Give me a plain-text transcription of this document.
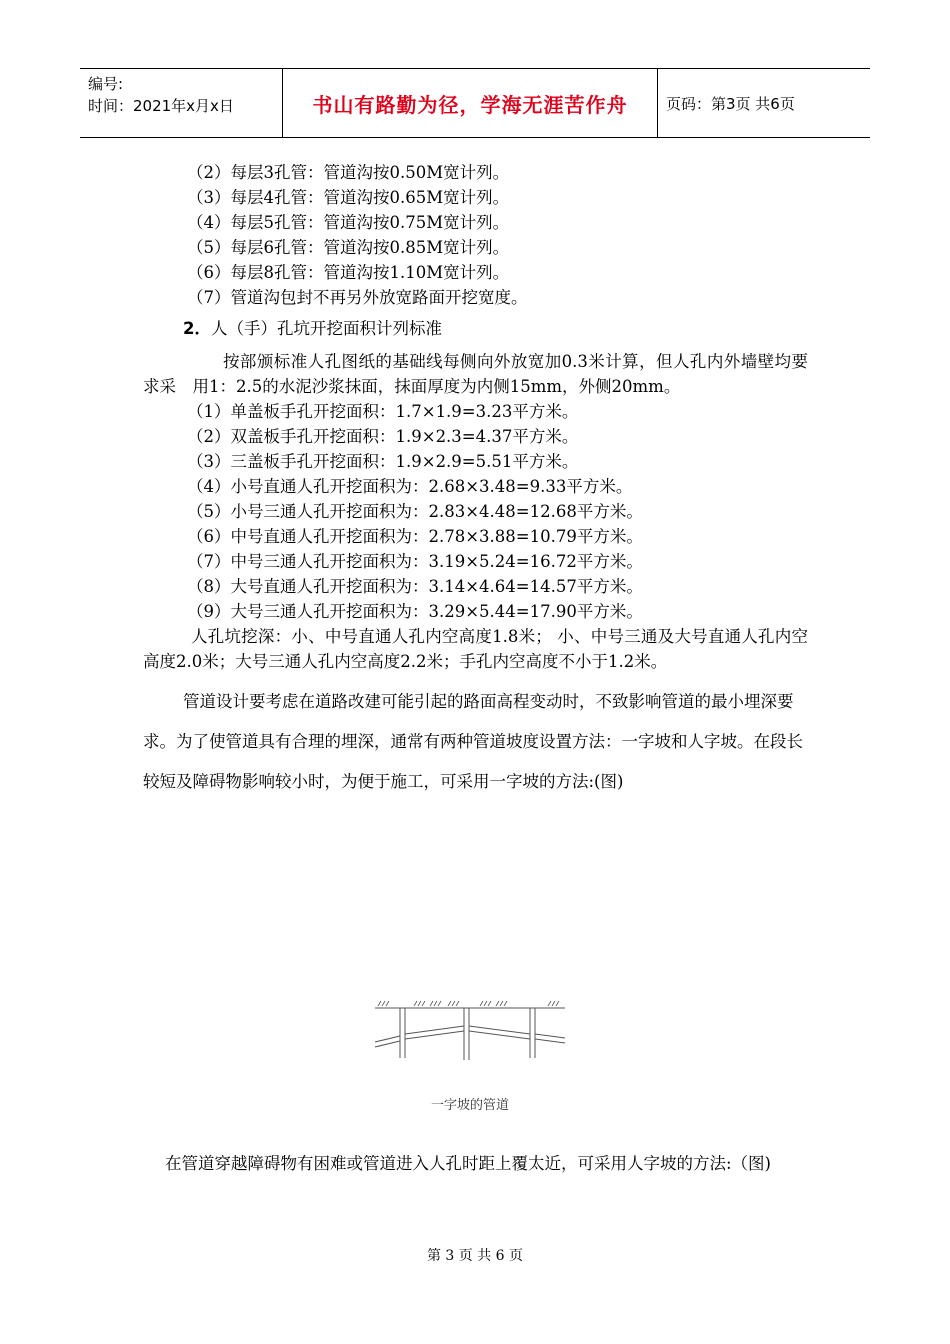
编号:
时间：2021年x月x日	书山有路勤为径，学海无涯苦作舟	页码：第3页 共6页
（2）每层3孔管：管道沟按0.50M宽计列。
（3）每层4孔管：管道沟按0.65M宽计列。
（4）每层5孔管：管道沟按0.75M宽计列。
（5）每层6孔管：管道沟按0.85M宽计列。
（6）每层8孔管：管道沟按1.10M宽计列。
（7）管道沟包封不再另外放宽路面开挖宽度。
2．人（手）孔坑开挖面积计列标准
按部颁标准人孔图纸的基础线每侧向外放宽加0.3米计算，但人孔内外墙壁均要求采　用1：2.5的水泥沙浆抹面，抹面厚度为内侧15mm，外侧20mm。
（1）单盖板手孔开挖面积：1.7×1.9=3.23平方米。
（2）双盖板手孔开挖面积：1.9×2.3=4.37平方米。
（3）三盖板手孔开挖面积：1.9×2.9=5.51平方米。
（4）小号直通人孔开挖面积为：2.68×3.48=9.33平方米。
（5）小号三通人孔开挖面积为：2.83×4.48=12.68平方米。
（6）中号直通人孔开挖面积为：2.78×3.88=10.79平方米。
（7）中号三通人孔开挖面积为：3.19×5.24=16.72平方米。
（8）大号直通人孔开挖面积为：3.14×4.64=14.57平方米。
（9）大号三通人孔开挖面积为：3.29×5.44=17.90平方米。
人孔坑挖深：小、中号直通人孔内空高度1.8米； 小、中号三通及大号直通人孔内空高度2.0米；大号三通人孔内空高度2.2米；手孔内空高度不小于1.2米。
管道设计要考虑在道路改建可能引起的路面高程变动时，不致影响管道的最小埋深要求。为了使管道具有合理的埋深，通常有两种管道坡度设置方法：一字坡和人字坡。在段长较短及障碍物影响较小时，为便于施工，可采用一字坡的方法:(图)
一字坡的管道
在管道穿越障碍物有困难或管道进入人孔时距上覆太近，可采用人字坡的方法:（图)
第 3 页 共 6 页
